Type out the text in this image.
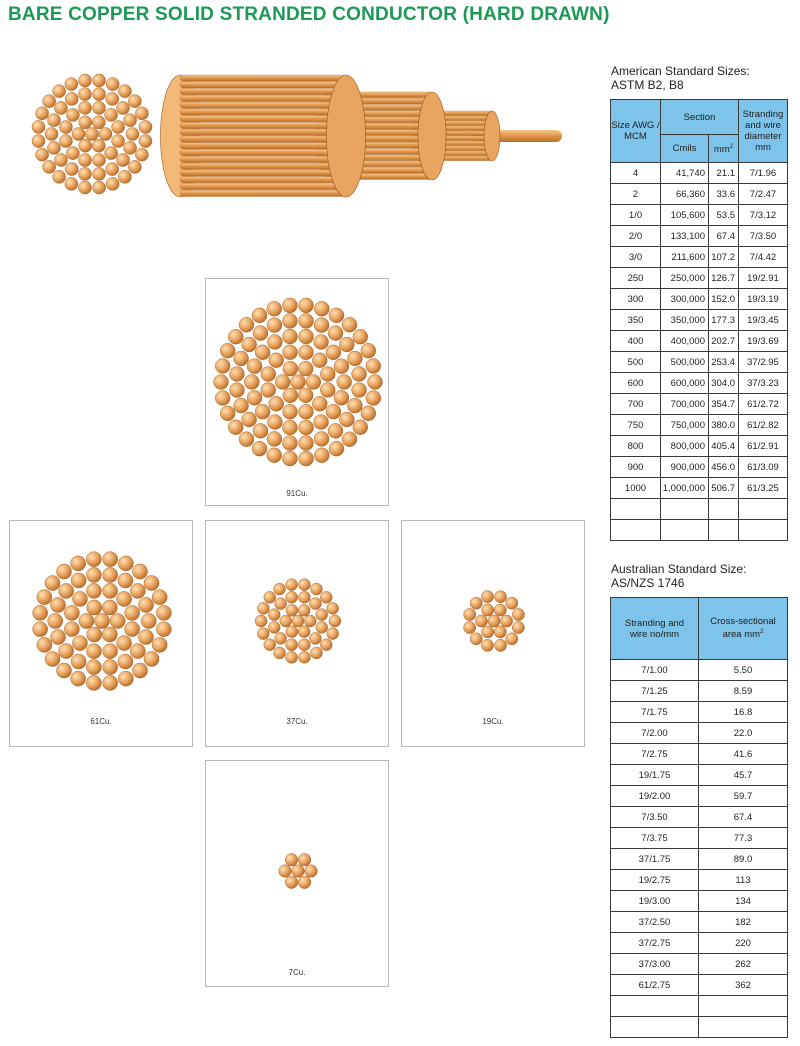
BARE COPPER SOLID STRANDED CONDUCTOR (HARD DRAWN)
91Cu.
61Cu.	37Cu.	19Cu.
7Cu.
American Standard Sizes:
ASTM B2, B8
Size AWG / MCM	Section		Stranding and wire diameter mm
	Cmils	$mm^2$
4	41,740	21.1	7/1.96
2	66,360	33.6	7/2.47
1/0	105,600	53.5	7/3.12
2/0	133,100	67.4	7/3.50
3/0	211,600	107.2	7/4.42
250	250,000	126.7	19/2.91
300	300,000	152.0	19/3.19
350	350,000	177.3	19/3.45
400	400,000	202.7	19/3.69
500	500,000	253.4	37/2.95
600	600,000	304.0	37/3.23
700	700,000	354.7	61/2.72
750	750,000	380.0	61/2.82
800	800,000	405.4	61/2.91
900	900,000	456.0	61/3.09
1000	1,000,000	506.7	61/3.25

Australian Standard Size:
AS/NZS 1746
Stranding and wire no/mm	Cross-sectional area $mm^2$
7/1.00	5.50
7/1.25	8.59
7/1.75	16.8
7/2.00	22.0
7/2.75	41.6
19/1.75	45.7
19/2.00	59.7
7/3.50	67.4
7/3.75	77.3
37/1.75	89.0
19/2.75	113
19/3.00	134
37/2.50	182
37/2.75	220
37/3.00	262
61/2.75	362
